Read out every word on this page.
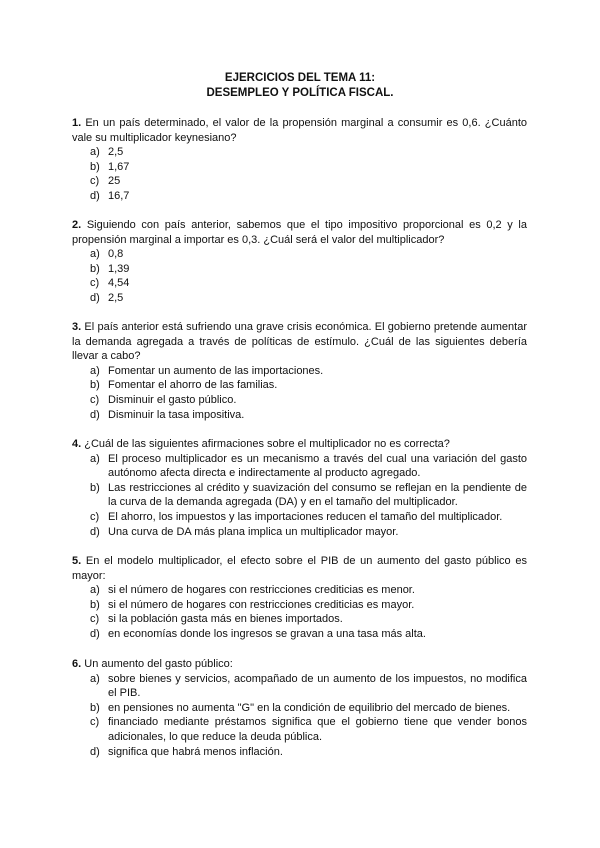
EJERCICIOS DEL TEMA 11:
DESEMPLEO Y POLÍTICA FISCAL.

1. En un país determinado, el valor de la propensión marginal a consumir es 0,6. ¿Cuánto vale su multiplicador keynesiano?

a) 2,5
b) 1,67
c) 25
d) 16,7

2. Siguiendo con país anterior, sabemos que el tipo impositivo proporcional es 0,2 y la propensión marginal a importar es 0,3. ¿Cuál será el valor del multiplicador?

a) 0,8
b) 1,39
c) 4,54
d) 2,5

3. El país anterior está sufriendo una grave crisis económica. El gobierno pretende aumentar la demanda agregada a través de políticas de estímulo. ¿Cuál de las siguientes debería llevar a cabo?

a) Fomentar un aumento de las importaciones.
b) Fomentar el ahorro de las familias.
c) Disminuir el gasto público.
d) Disminuir la tasa impositiva.

4. ¿Cuál de las siguientes afirmaciones sobre el multiplicador no es correcta?

a) El proceso multiplicador es un mecanismo a través del cual una variación del gasto autónomo afecta directa e indirectamente al producto agregado.
b) Las restricciones al crédito y suavización del consumo se reflejan en la pendiente de la curva de la demanda agregada (DA) y en el tamaño del multiplicador.
c) El ahorro, los impuestos y las importaciones reducen el tamaño del multiplicador.
d) Una curva de DA más plana implica un multiplicador mayor.

5. En el modelo multiplicador, el efecto sobre el PIB de un aumento del gasto público es mayor:

a) si el número de hogares con restricciones crediticias es menor.
b) si el número de hogares con restricciones crediticias es mayor.
c) si la población gasta más en bienes importados.
d) en economías donde los ingresos se gravan a una tasa más alta.

6. Un aumento del gasto público:

a) sobre bienes y servicios, acompañado de un aumento de los impuestos, no modifica el PIB.
b) en pensiones no aumenta "G" en la condición de equilibrio del mercado de bienes.
c) financiado mediante préstamos significa que el gobierno tiene que vender bonos adicionales, lo que reduce la deuda pública.
d) significa que habrá menos inflación.
